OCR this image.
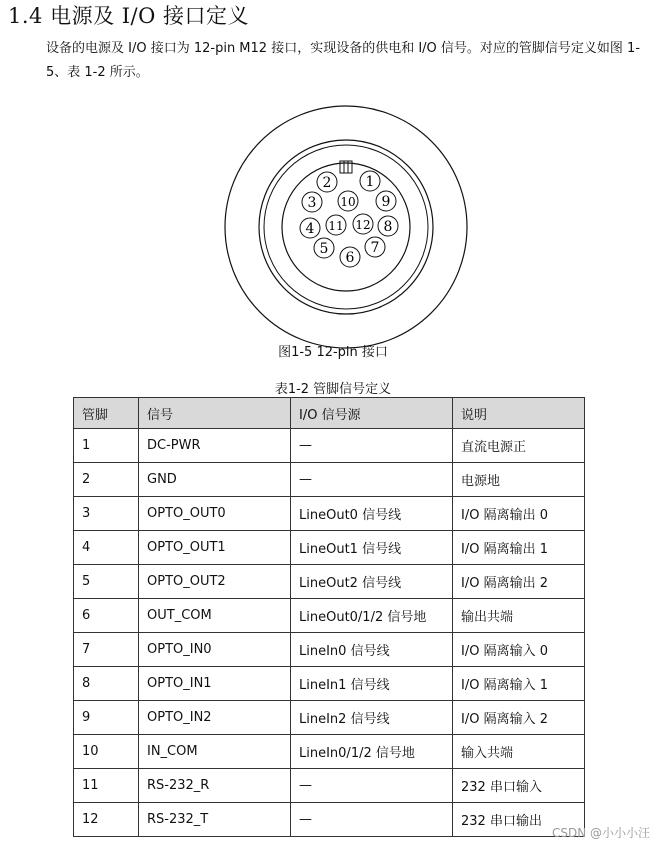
1.4 电源及 I/O 接口定义
设备的电源及 I/O 接口为 12-pin M12 接口，实现设备的供电和 I/O 信号。对应的管脚信号定义如图 1-5、表 1-2 所示。
1
2
3
4
5
6
7
8
9
10
11 12
图1-5 12-pin 接口
表1-2 管脚信号定义
管脚	信号	I/O 信号源	说明
1	DC-PWR	—	直流电源正
2	GND	—	电源地
3	OPTO_OUT0	LineOut0 信号线	I/O 隔离输出 0
4	OPTO_OUT1	LineOut1 信号线	I/O 隔离输出 1
5	OPTO_OUT2	LineOut2 信号线	I/O 隔离输出 2
6	OUT_COM	LineOut0/1/2 信号地	输出共端
7	OPTO_IN0	LineIn0 信号线	I/O 隔离输入 0
8	OPTO_IN1	LineIn1 信号线	I/O 隔离输入 1
9	OPTO_IN2	LineIn2 信号线	I/O 隔离输入 2
10	IN_COM	LineIn0/1/2 信号地	输入共端
11	RS-232_R	—	232 串口输入
12	RS-232_T	—	232 串口输出
CSDN @小小小汪
